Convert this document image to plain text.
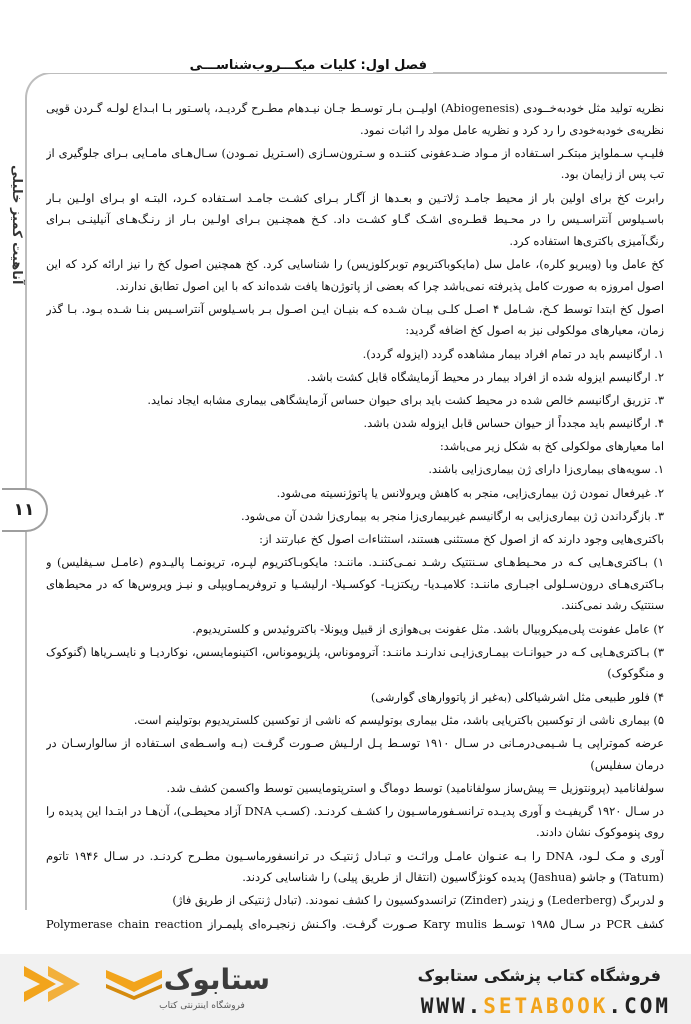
فصل اول: کلیات میکـــروب‌شناســـی
آناهیت کمیز خلیلی
۱۱

نظریه تولید مثل خودبه‌خــودی (Abiogenesis) اولیــن بـار توسـط جـان نیـدهام مطـرح گردیـد، پاسـتور بـا ابـداع لولـه گـردن قویی نظریه‌ی خودبه‌خودی را رد کرد و نظریه عامل مولد را اثبات نمود.

فلیـپ سـملوایز مبتکـر اسـتفاده از مـواد ضـدعفونی کننـده و سـترون‌سـازی (اسـتریل نمـودن) سـال‌هـای مامـایی بـرای جلوگیری از تب پس از زایمان بود.

رابرت کخ برای اولین بار از محیط جامـد ژلاتـین و بعـدها از آگـار بـرای کشـت جامـد اسـتفاده کـرد، البتـه او بـرای اولـین بـار باسـیلوس آنتراسـیس را در محـیط قطـره‌ی اشـک گـاو کشـت داد. کـخ همچنـین بـرای اولـین بـار از رنـگ‌هـای آنیلینـی بـرای رنگ‌آمیزی باکتری‌ها استفاده کرد.

کخ عامل وبا (ویبریو کلره)، عامل سل (مایکوباکتریوم توبرکلوزیس) را شناسایی کرد. کخ همچنین اصول کخ را نیز ارائه کرد که این اصول امروزه به صورت کامل پذیرفته نمی‌باشد چرا که بعضی از پاتوژن‌ها یافت شده‌اند که با این اصول تطابق ندارند.

اصول کخ ابتدا توسط کـخ، شـامل ۴ اصـل کلـی بیـان شـده کـه بنیـان ایـن اصـول بـر باسـیلوس آنتراسـیس بنـا شـده بـود. بـا گذر زمان، معیارهای مولکولی نیز به اصول کخ اضافه گردید:

۱. ارگانیسم باید در تمام افراد بیمار مشاهده گردد (ایزوله گردد).

۲. ارگانیسم ایزوله شده از افراد بیمار در محیط آزمایشگاه قابل کشت باشد.

۳. تزریق ارگانیسم خالص شده در محیط کشت باید برای حیوان حساس آزمایشگاهی بیماری مشابه ایجاد نماید.

۴. ارگانیسم باید مجدداً از حیوان حساس قابل ایزوله شدن باشد.

اما معیارهای مولکولی کخ به شکل زیر می‌باشد:

۱. سویه‌های بیماری‌زا دارای ژن بیماری‌زایی باشند.

۲. غیرفعال نمودن ژن بیماری‌زایی، منجر به کاهش ویرولانس یا پاتوژنسیته می‌شود.

۳. بازگرداندن ژن بیماری‌زایی به ارگانیسم غیربیماری‌زا منجر به بیماری‌زا شدن آن می‌شود.

باکتری‌هایی وجود دارند که از اصول کخ مستثنی هستند، استثناءات اصول کخ عبارتند از:

۱) بـاکتری‌هـایی کـه در محـیط‌هـای سـنتتیک رشـد نمـی‌کننـد. ماننـد: مایکوبـاکتریوم لپـره، تریونمـا پالیـدوم (عامـل سـیفلیس) و بـاکتری‌هـای درون‌سـلولی اجبـاری ماننـد: کلامیـدیا- ریکتزیـا- کوکسـیلا- ارلیشـیا و تروفریمـاویپلی و نیـز ویروس‌ها که در محیط‌های سنتتیک رشد نمی‌کنند.

۲) عامل عفونت پلی‌میکروبیال باشد. مثل عفونت بی‌هوازی از قبیل ویونلا- باکتروئیدس و کلستریدیوم.

۳) بـاکتری‌هـایی کـه در حیوانـات بیمـاری‌زایـی ندارنـد ماننـد: آتروموناس، پلزیوموناس، اکتینومایسس، نوکاردیـا و نایسـریاها (گنوکوک و منگوکوک)

۴) فلور طبیعی مثل اشرشیاکلی (به‌غیر از پاتووارهای گوارشی)

۵) بیماری ناشی از توکسین باکتریایی باشد، مثل بیماری بوتولیسم که ناشی از توکسین کلستریدیوم بوتولینم است.

عرضه کموتراپی یـا شـیمی‌درمـانی در سـال ۱۹۱۰ توسـط پـل ارلـیش صـورت گرفـت (بـه واسـطه‌ی اسـتفاده از سالوارسـان در درمان سفلیس)

سولفانامید (پرونتوزیل = پیش‌ساز سولفانامید) توسط دوماگ و استرپتومایسین توسط واکسمن کشف شد.

در سـال ۱۹۲۰ گریفیـث و آوری پدیـده ترانسـفورماسـیون را کشـف کردنـد. (کسـب DNA آزاد محیطـی)، آن‌هـا در ابتـدا این پدیده را روی پنوموکوک نشان دادند.

آوری و مـک لـود، DNA را بـه عنـوان عامـل وراثـت و تبـادل ژنتیـک در ترانسفورماسـیون مطـرح کردنـد. در سـال ۱۹۴۶ تاتوم (Tatum) و جاشو (Jashua) پدیده کونژگاسیون (انتقال از طریق پیلی) را شناسایی کردند.

و لدربرگ (Lederberg) و زیندر (Zinder) ترانسدوکسیون را کشف نمودند. (تبادل ژنتیکی از طریق فاژ)

کشف PCR در سـال ۱۹۸۵ توسـط Kary mulis صـورت گرفـت. واکـنش زنجیـره‌ای پلیمـراز Polymerase chain reaction

فروشگاه کتاب پزشکی ستابوک
WWW.SETABOOK.COM
ستابوک
فروشگاه اینترنتی کتاب
